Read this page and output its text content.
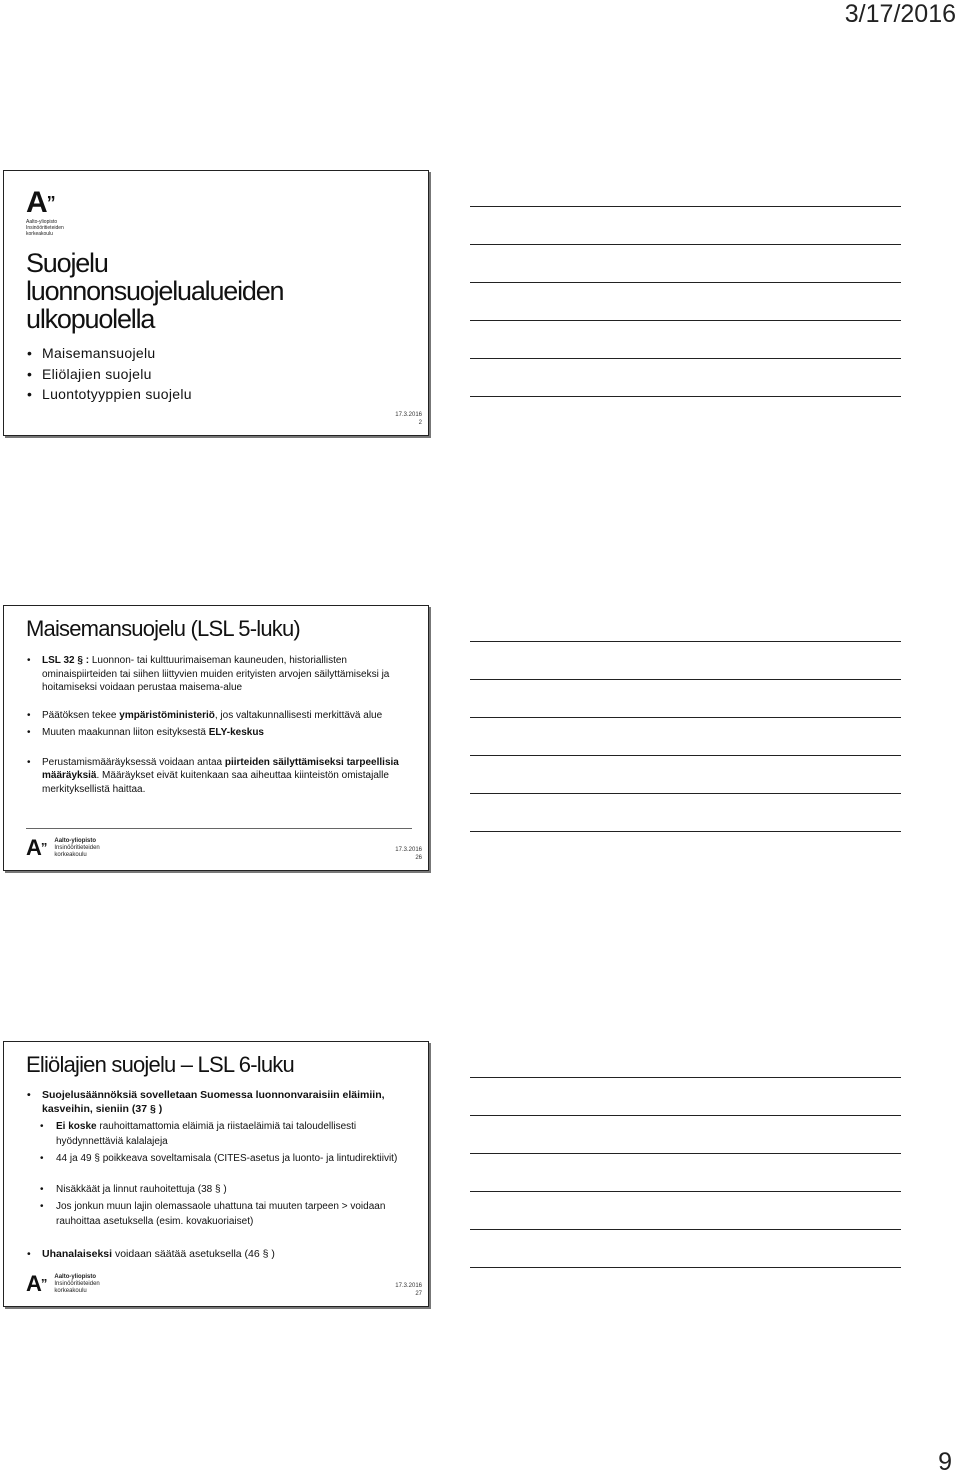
3/17/2016
A”
Aalto-yliopisto
Insinööritieteiden
korkeakoulu
Suojelu
luonnonsuojelualueiden
ulkopuolella
• Maisemansuojelu
• Eliölajien suojelu
• Luontotyyppien suojelu
17.3.2016
2
Maisemansuojelu (LSL 5-luku)
• LSL 32 § : Luonnon- tai kulttuurimaiseman kauneuden, historiallisten ominaispiirteiden tai siihen liittyvien muiden erityisten arvojen säilyttämiseksi ja hoitamiseksi voidaan perustaa maisema-alue
• Päätöksen tekee ympäristöministeriö, jos valtakunnallisesti merkittävä alue
• Muuten maakunnan liiton esityksestä ELY-keskus
• Perustamismääräyksessä voidaan antaa piirteiden säilyttämiseksi tarpeellisia määräyksiä. Määräykset eivät kuitenkaan saa aiheuttaa kiinteistön omistajalle merkityksellistä haittaa.
A” Aalto-yliopisto
Insinööritieteiden
korkeakoulu
17.3.2016
26
Eliölajien suojelu – LSL 6-luku
• Suojelusäännöksiä sovelletaan Suomessa luonnonvaraisiin eläimiin, kasveihin, sieniin (37 § )
• Ei koske rauhoittamattomia eläimiä ja riistaeläimiä tai taloudellisesti hyödynnettäviä kalalajeja
• 44 ja 49 § poikkeava soveltamisala (CITES-asetus ja luonto- ja lintudirektiivit)
• Nisäkkäät ja linnut rauhoitettuja (38 § )
• Jos jonkun muun lajin olemassaole uhattuna tai muuten tarpeen > voidaan rauhoittaa asetuksella (esim. kovakuoriaiset)
• Uhanalaiseksi voidaan säätää asetuksella (46 § )
A” Aalto-yliopisto
Insinööritieteiden
korkeakoulu
17.3.2016
27
9
